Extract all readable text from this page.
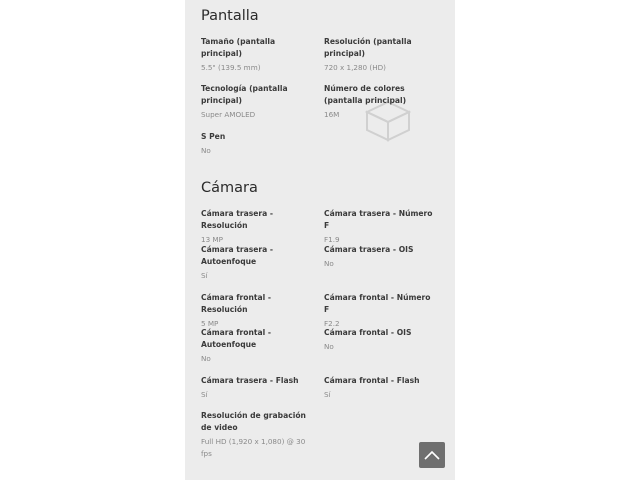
Pantalla
Tamaño (pantalla principal)
5.5" (139.5 mm)
Resolución (pantalla principal)
720 x 1,280 (HD)
Tecnología (pantalla principal)
Super AMOLED
Número de colores (pantalla principal)
16M
S Pen
No
Cámara
Cámara trasera - Resolución
13 MP
Cámara trasera - Número F
F1.9
Cámara trasera - Autoenfoque
Sí
Cámara trasera - OIS
No
Cámara frontal - Resolución
5 MP
Cámara frontal - Número F
F2.2
Cámara frontal - Autoenfoque
No
Cámara frontal - OIS
No
Cámara trasera - Flash
Sí
Cámara frontal - Flash
Sí
Resolución de grabación de video
Full HD (1,920 x 1,080) @ 30 fps
